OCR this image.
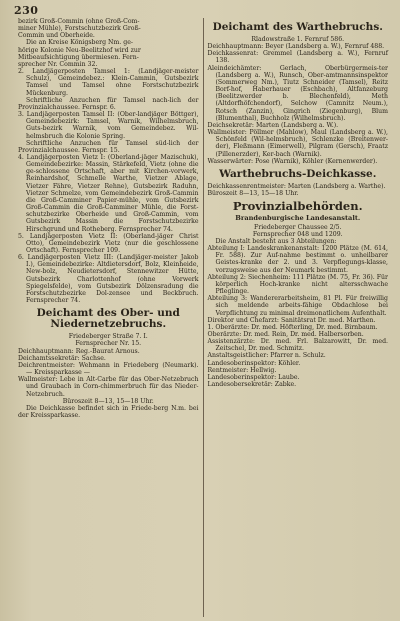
230

bezirk Groß-Commin (ohne Groß-Com-

miner Mühle), Forstschutzbezirk Groß-

Commin und Oberheide.

Die an Kreise Königsberg Nm. ge-

hörige Kolonie Neu-Beelitzhof wird zur

Mitbeaufsichtigung übermiesen. Fern-

sprecher Nr. Commin 32.

2. Landjägerposten Tamsel 1: (Landjäger-meister Schulz), Gemeindebez.: Klein-Cammin, Gutsbezirk Tamsel und Tamsel ohne Forstschutzbezirk Mückenburg.

Schriftliche Anzuchen für Tamsel nach-lich der Provinzialchaussee. Fernspr. 6.

3. Landjägerposten Tamsel II: (Ober-landjäger Böttger), Gemeindebezirk: Tamsel, Warnik, Wilhelmsbruch, Guts-bezirk Warnik, vom Gemeindebez. Wil-helmsbruch die Kolonie Spring.

Schriftliche Anzuchen für Tamsel süd-lich der Provinzialchaussee. Fernspr. 15.

4. Landjägerposten Vietz I: (Oberland-jäger Mazischuk), Gemeindebezirke: Massin, Stärkefeld, Vietz (ohne die ge-schlossene Ortschaft, aber mit Kirchen-vorwerk, Reinhardshof, Schmelle Warthe, Vietzer Ablage, Vietzer Fähre, Vietzer Rehne), Gutsbezirk Raduhn, Vietzer Schmelze, vom Gemeindebezirk Groß-Cammin die Groß-Camminer Papier-mühle, vom Gutsbezirk Groß-Cammin die Groß-Camminer Mühle, die Forst-schutzbezirke Oberheide und Groß-Cammin, vom Gutsbezirk Massin die Forstschutzbezirke Hirschgrund und Rotheberg. Fernsprecher 74.

5. Landjägerposten Vietz II: (Oberland-jäger Christ Otto), Gemeindebezirk Vietz (nur die geschlossene Ortschaft). Fernsprecher 109.

6. Landjägerposten Vietz III: (Landjäger-meister Jakob I.), Gemeindebezirke: Altdietersdorf, Bolz, Kleinheide, New-bolz, Neudietersdorf, Stennewitzer Hütte, Gutsbezirk Charlottenhof (ohne Vorwerk Spiegelsfelde), vom Gutsbezirk Dölzensradung die Forstschutzbezirke Dol-zensee und Beckbruch. Fernsprecher 74.

Deichamt des Ober- und Niedernetzebruchs.

Friedeberger Straße 7. I.

Fernsprecher Nr. 15.

Deichhauptmann: Reg.-Baurat Arnous.

Deichamtssekretär: Sachse.

Deichrentmeister: Wehmann in Friedeberg (Neumark). — Kreissparkasse —

Wallmeister: Lebe in Alt-Carbe für das Ober-Netzebruch und Graubach in Corn-chimmerbruch für das Nieder-Netzebruch.

Büroszeit 8—13, 15—18 Uhr.

Die Deichkasse befindet sich in Friede-berg N.m. bei der Kreissparkasse.

Deichamt des Warthebruchs.

Rladowstraße 1. Fernruf 586.

Deichhauptmann: Beyer (Landsberg a. W.), Fernruf 488.

Deichkassenrat: Gremmel (Landsberg a. W.), Fernruf 138.

Aleindeichämter: Gerlach, Oberbürgermeis-ter (Landsberg a. W.), Runsch, Ober-amtmannsinspektor (Sommerweg Nm.), Tiutz Schneider (Tamsel), Reitz Borf-hof, Haberhauer (Eschbach), Altfanzeburg (Beelitzwerder b. Blechenfeld), Meth (Altdorfhöfchendorf), Selchow (Camnitz Neum.), Rotsch (Zanzin), Gingrich (Ziegenburg), Blum (Blumenthal), Buchholz (Wilhelmsbruch).

Deichsekretär: Marten (Landsberg a. W.).

Wallmeister: Pöllmer (Mahlow), Maul (Landsberg a. W.), Schönfeld (Wil-helmsbruch), Schlenzke (Breitenwer-der), Fleßmann (Eimerwell), Pilgram (Gersch), Fraatz (Pillenerzder), Ker-bach (Warnik).

Wasserwärter: Pose (Warnik), Köhler (Kernenwerder).

Warthebruchs-Deichkasse.

Deichkassenrentmeister: Marten (Landsberg a. Warthe).

Büroszeit 8—13, 15—18 Uhr.

Provinzialbehörden.
Brandenburgische Landesanstalt.

Friedeberger Chaussee 2/5.

Fernsprecher 048 und 1209.

Die Anstalt besteht aus 3 Abteilungen:

Abteilung I: Landeskrankenanstalt: 1200 Plätze (M. 614, Fr. 588). Zur Auf-nahme bestimmt o. unheilbarer Geistes-kranke der 2. und 3. Verpflegungs-klasse, vorzugsweise aus der Neumark bestimmt.

Abteilung 2: Siechenheim: 111 Plätze (M. 75, Fr. 36). Für körperlich Hoch-kranke nicht altersschwache Pfleglinge.

Abteilung 3: Wandererarbeitsheim, 81 Pl. Für freiwillig sich meldende arbeits-fähige Obdachlose bei Verpflichtung zu minimal dreimonatlichem Aufenthalt.

Direktor und Chefarzt: Sanitätsrat Dr. med. Marthen.

1. Oberärzte: Dr. med. Höfterling, Dr. med. Birnbaum.

Oberärzte: Dr. med. Rein, Dr. med. Halbersorben.

Assistenzärzte: Dr. med. Frl. Balzarowitt, Dr. med. Zeitschel, Dr. med. Schmitz.

Anstaltsgeistlicher: Pfarrer n. Schulz.

Landesoberinspektor: Köhler.

Rentmeister: Hellwig.

Landesoberinspektor: Laube.

Landesobersekretär: Zabke.
